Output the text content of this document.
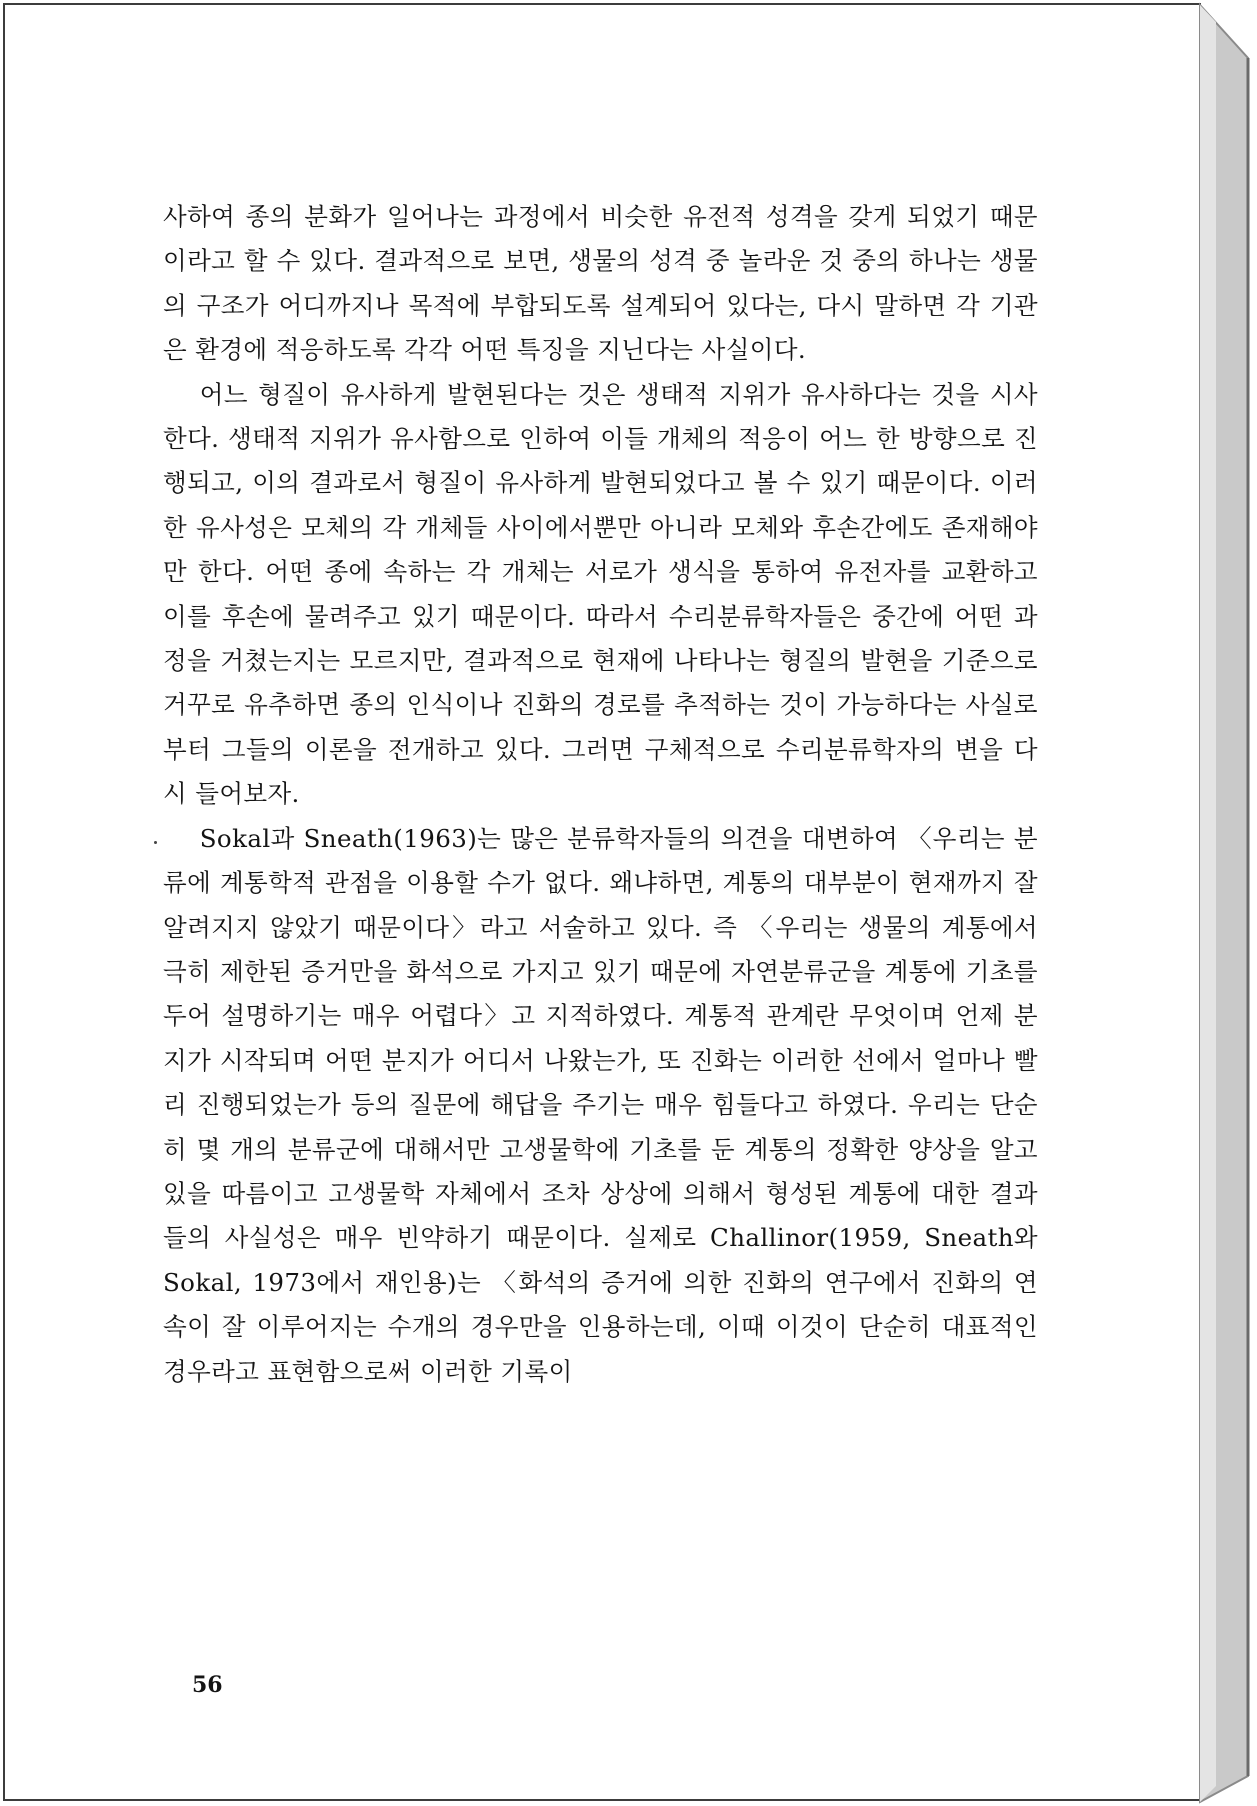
사하여 종의 분화가 일어나는 과정에서 비슷한 유전적 성격을 갖게 되었기 때문이라고 할 수 있다. 결과적으로 보면, 생물의 성격 중 놀라운 것 중의 하나는 생물의 구조가 어디까지나 목적에 부합되도록 설계되어 있다는, 다시 말하면 각 기관은 환경에 적응하도록 각각 어떤 특징을 지닌다는 사실이다.

어느 형질이 유사하게 발현된다는 것은 생태적 지위가 유사하다는 것을 시사한다. 생태적 지위가 유사함으로 인하여 이들 개체의 적응이 어느 한 방향으로 진행되고, 이의 결과로서 형질이 유사하게 발현되었다고 볼 수 있기 때문이다. 이러한 유사성은 모체의 각 개체들 사이에서뿐만 아니라 모체와 후손간에도 존재해야만 한다. 어떤 종에 속하는 각 개체는 서로가 생식을 통하여 유전자를 교환하고 이를 후손에 물려주고 있기 때문이다. 따라서 수리분류학자들은 중간에 어떤 과정을 거쳤는지는 모르지만, 결과적으로 현재에 나타나는 형질의 발현을 기준으로 거꾸로 유추하면 종의 인식이나 진화의 경로를 추적하는 것이 가능하다는 사실로부터 그들의 이론을 전개하고 있다. 그러면 구체적으로 수리분류학자의 변을 다시 들어보자.

Sokal과 Sneath(1963)는 많은 분류학자들의 의견을 대변하여 〈우리는 분류에 계통학적 관점을 이용할 수가 없다. 왜냐하면, 계통의 대부분이 현재까지 잘 알려지지 않았기 때문이다〉라고 서술하고 있다. 즉 〈우리는 생물의 계통에서 극히 제한된 증거만을 화석으로 가지고 있기 때문에 자연분류군을 계통에 기초를 두어 설명하기는 매우 어렵다〉고 지적하였다. 계통적 관계란 무엇이며 언제 분지가 시작되며 어떤 분지가 어디서 나왔는가, 또 진화는 이러한 선에서 얼마나 빨리 진행되었는가 등의 질문에 해답을 주기는 매우 힘들다고 하였다. 우리는 단순히 몇 개의 분류군에 대해서만 고생물학에 기초를 둔 계통의 정확한 양상을 알고 있을 따름이고 고생물학 자체에서 조차 상상에 의해서 형성된 계통에 대한 결과들의 사실성은 매우 빈약하기 때문이다. 실제로 Challinor(1959, Sneath와 Sokal, 1973에서 재인용)는 〈화석의 증거에 의한 진화의 연구에서 진화의 연속이 잘 이루어지는 수개의 경우만을 인용하는데, 이때 이것이 단순히 대표적인 경우라고 표현함으로써 이러한 기록이

56
